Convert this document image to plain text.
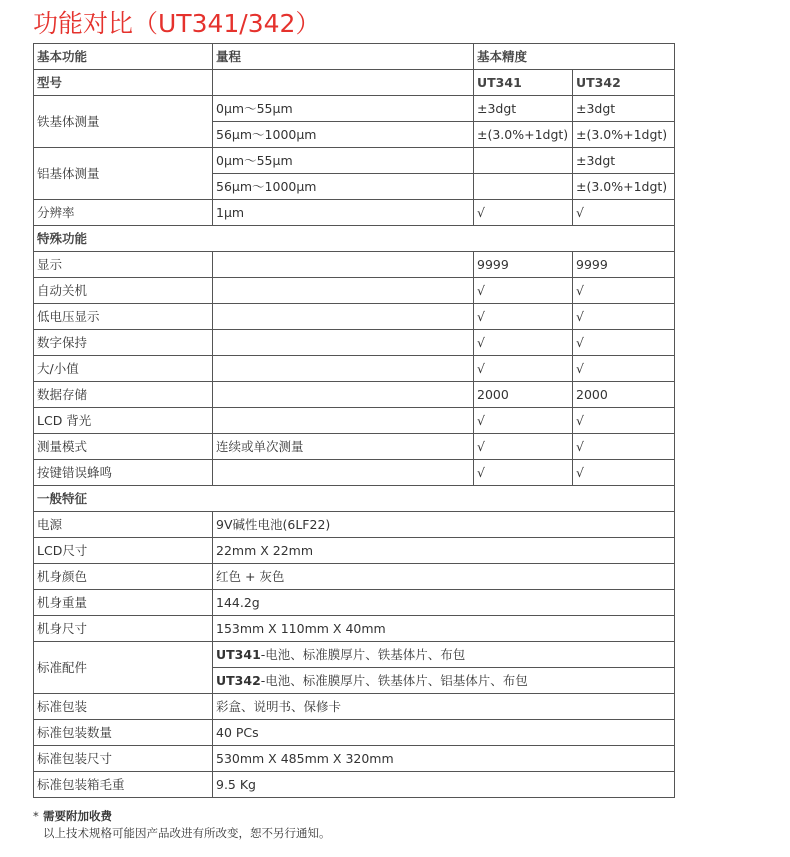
功能对比（UT341/342）
基本功能	量程	基本精度	
型号		UT341	UT342
铁基体测量	0μm～55μm	±3dgt	±3dgt
	56μm～1000μm	±(3.0%+1dgt)	±(3.0%+1dgt)
铝基体测量	0μm～55μm		±3dgt
	56μm～1000μm		±(3.0%+1dgt)
分辨率	1μm	√	√
特殊功能			
显示		9999	9999
自动关机		√	√
低电压显示		√	√
数字保持		√	√
大/小值		√	√
数据存储		2000	2000
LCD 背光		√	√
测量模式	连续或单次测量	√	√
按键错误蜂鸣		√	√
一般特征			
电源	9V碱性电池(6LF22)		
LCD尺寸	22mm X 22mm		
机身颜色	红色 + 灰色		
机身重量	144.2g		
机身尺寸	153mm X 110mm X 40mm		
标准配件	UT341-电池、标准膜厚片、铁基体片、布包		
	UT342-电池、标准膜厚片、铁基体片、铝基体片、布包		
标准包装	彩盒、说明书、保修卡		
标准包装数量	40 PCs		
标准包装尺寸	530mm X 485mm X 320mm		
标准包装箱毛重	9.5 Kg		
* 需要附加收费
以上技术规格可能因产品改进有所改变，恕不另行通知。
